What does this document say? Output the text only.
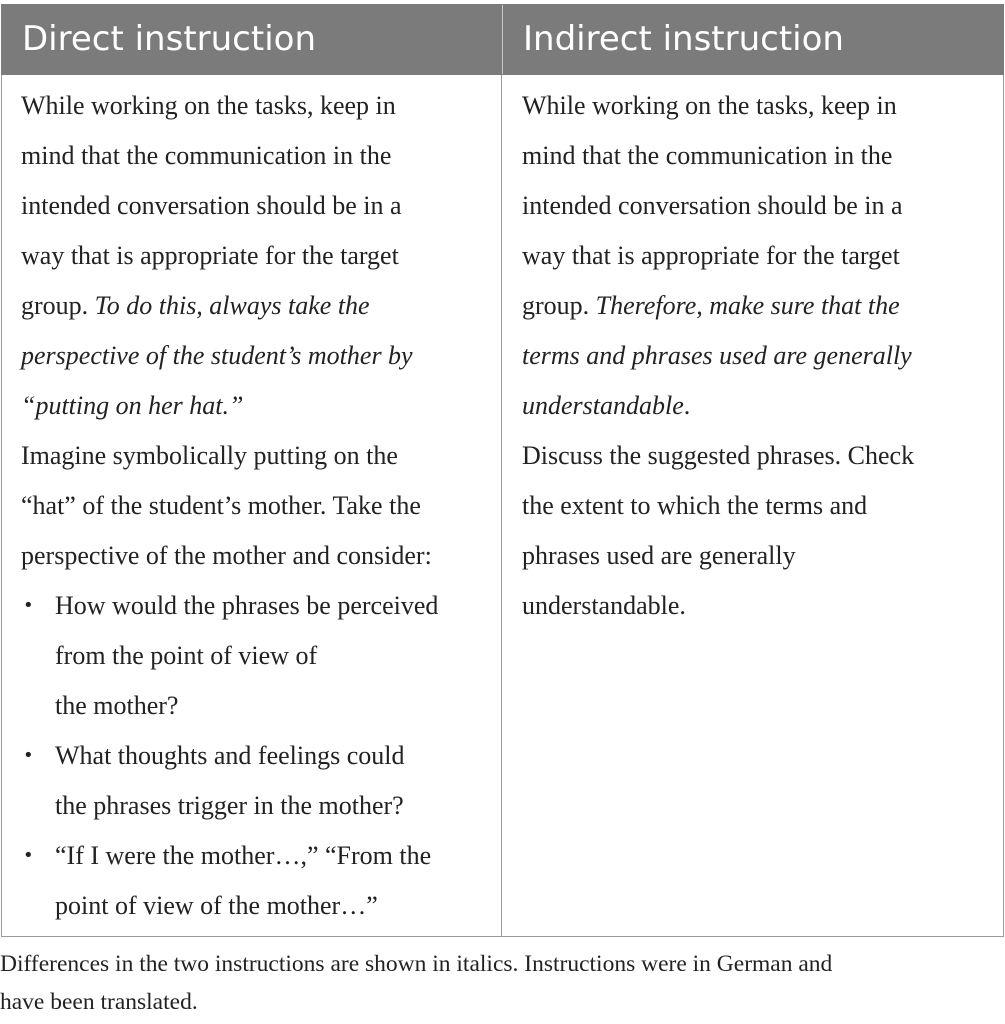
Direct instruction	Indirect instruction
While working on the tasks, keep in
mind that the communication in the
intended conversation should be in a
way that is appropriate for the target
group. To do this, always take the
perspective of the student’s mother by
“putting on her hat.”
Imagine symbolically putting on the
“hat” of the student’s mother. Take the
perspective of the mother and consider:
• How would the phrases be perceived
from the point of view of
the mother?
• What thoughts and feelings could
the phrases trigger in the mother?
• “If I were the mother…,” “From the
point of view of the mother…”
While working on the tasks, keep in
mind that the communication in the
intended conversation should be in a
way that is appropriate for the target
group. Therefore, make sure that the
terms and phrases used are generally
understandable.
Discuss the suggested phrases. Check
the extent to which the terms and
phrases used are generally
understandable.
Differences in the two instructions are shown in italics. Instructions were in German and
have been translated.
